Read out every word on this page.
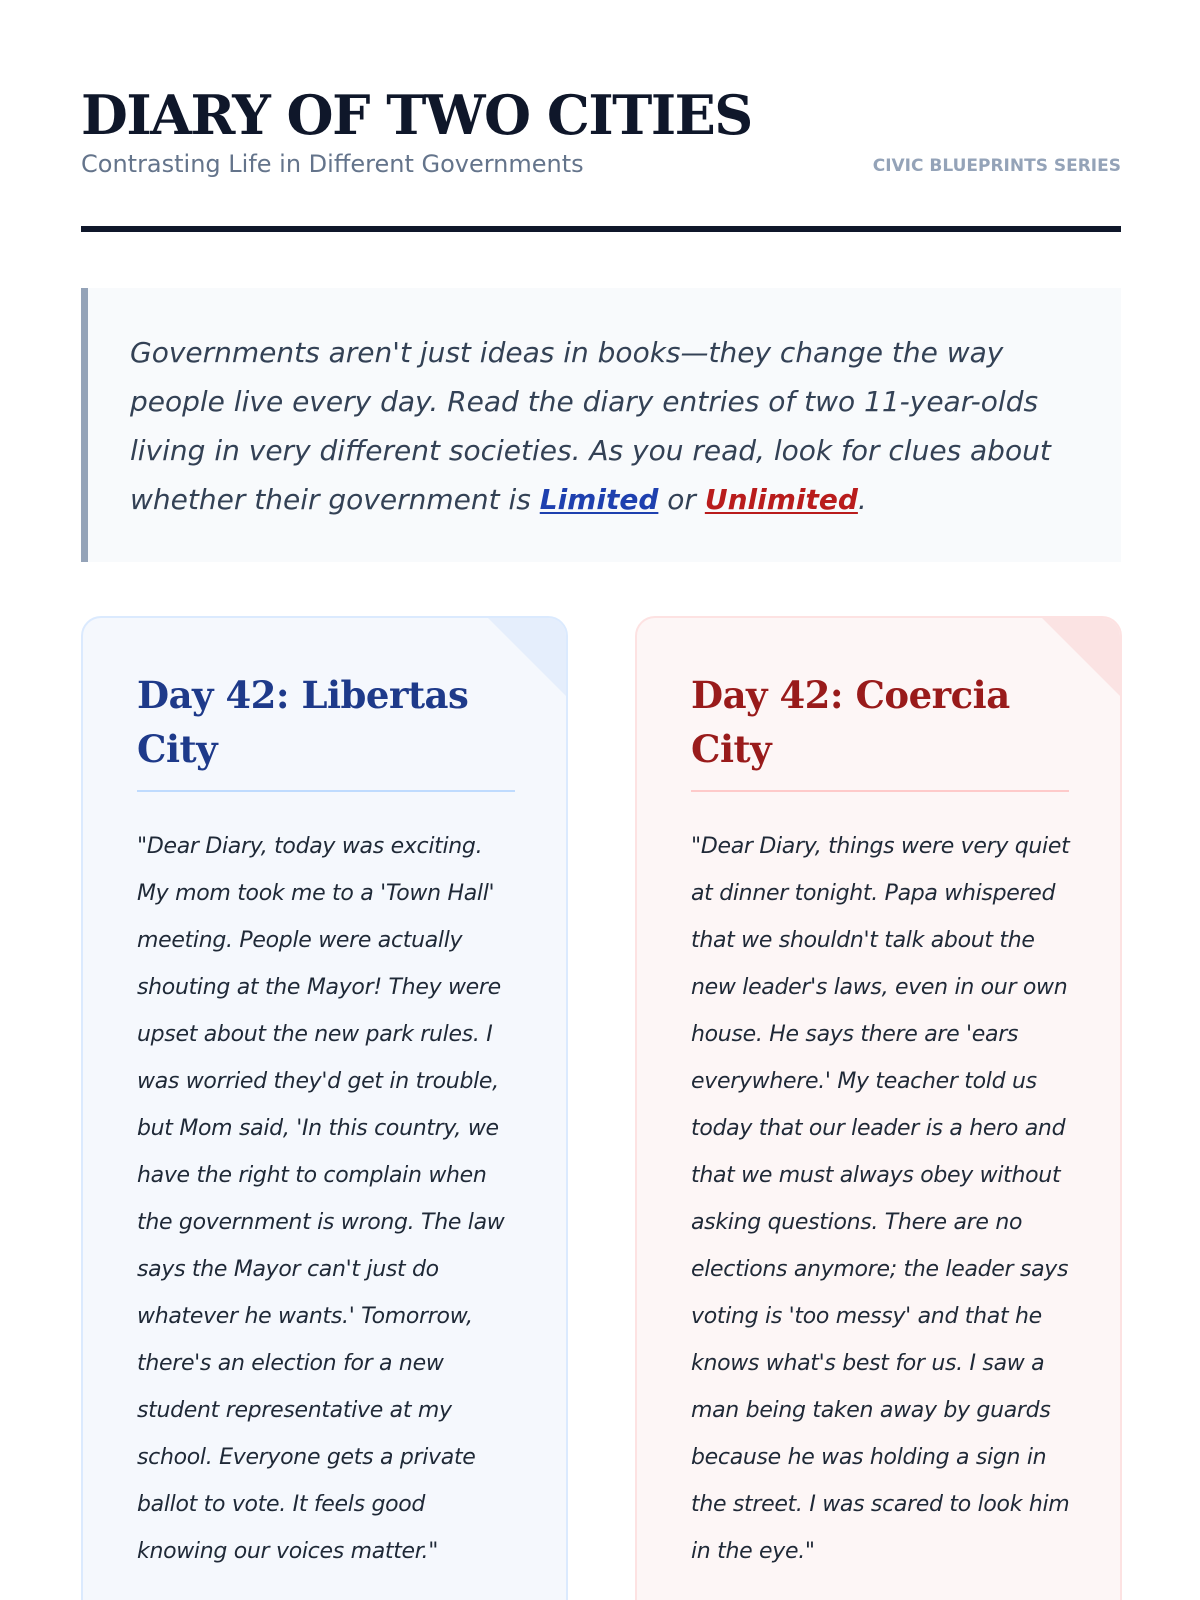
DIARY OF TWO CITIES
Contrasting Life in Different Governments	CIVIC BLUEPRINTS SERIES

Governments aren't just ideas in books—they change the way people live every day. Read the diary entries of two 11-year-olds living in very different societies. As you read, look for clues about whether their government is Limited or Unlimited.

Day 42: Libertas City

"Dear Diary, today was exciting. My mom took me to a 'Town Hall' meeting. People were actually shouting at the Mayor! They were upset about the new park rules. I was worried they'd get in trouble, but Mom said, 'In this country, we have the right to complain when the government is wrong. The law says the Mayor can't just do whatever he wants.' Tomorrow, there's an election for a new student representative at my school. Everyone gets a private ballot to vote. It feels good knowing our voices matter."

Day 42: Coercia City

"Dear Diary, things were very quiet at dinner tonight. Papa whispered that we shouldn't talk about the new leader's laws, even in our own house. He says there are 'ears everywhere.' My teacher told us today that our leader is a hero and that we must always obey without asking questions. There are no elections anymore; the leader says voting is 'too messy' and that he knows what's best for us. I saw a man being taken away by guards because he was holding a sign in the street. I was scared to look him in the eye."
